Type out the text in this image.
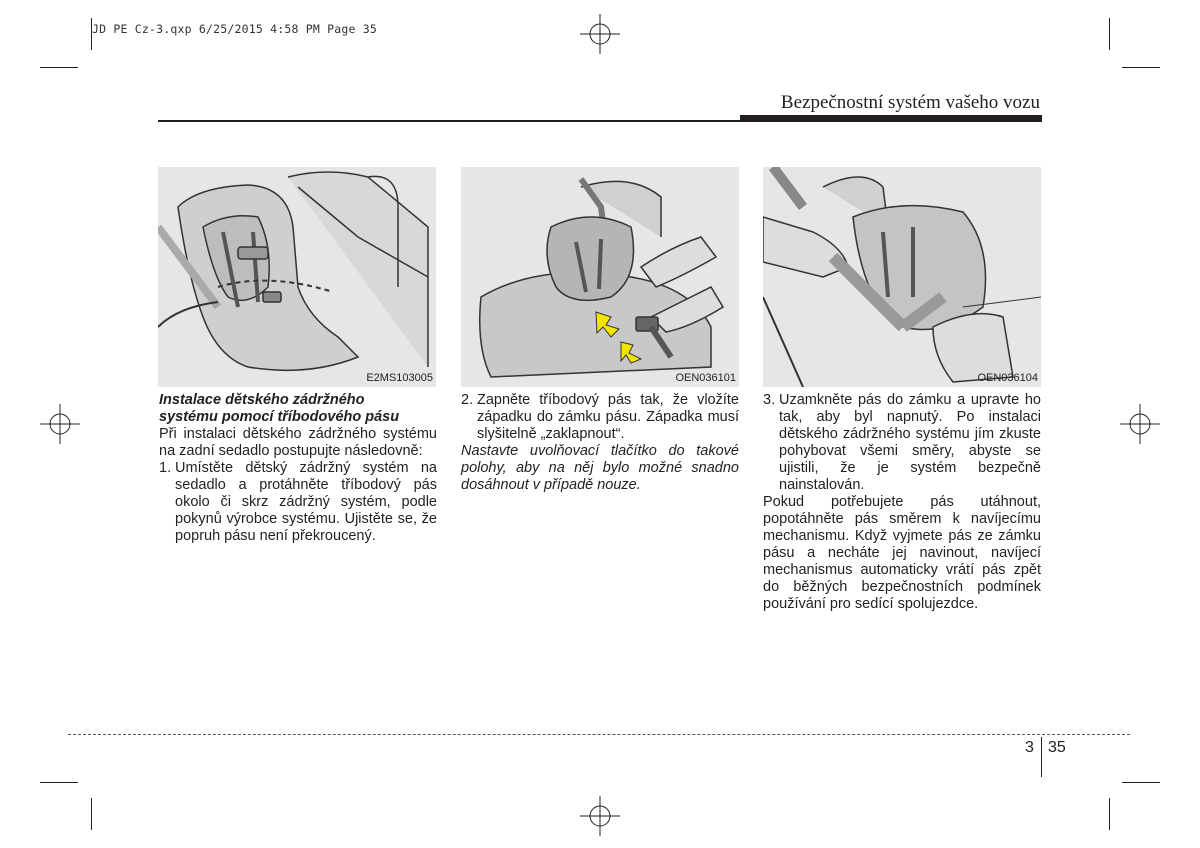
JD PE Cz-3.qxp 6/25/2015 4:58 PM Page 35
Bezpečnostní systém vašeho vozu
E2MS103005	OEN036101	OEN036104

Instalace dětského zádržného
systému pomocí tříbodového pásu

Při instalaci dětského zádržného systému na zadní sedadlo postupujte následovně:

1. Umístěte dětský zádržný systém na sedadlo a protáhněte tříbodový pás okolo či skrz zádržný systém, podle pokynů výrobce systému. Ujistěte se, že popruh pásu není překroucený.
2. Zapněte tříbodový pás tak, že vložíte západku do zámku pásu. Západka musí slyšitelně „zaklapnout“.

Nastavte uvolňovací tlačítko do takové polohy, aby na něj bylo možné snadno dosáhnout v případě nouze.

3. Uzamkněte pás do zámku a upravte ho tak, aby byl napnutý. Po instalaci dětského zádržného systému jím zkuste pohybovat všemi směry, abyste se ujistili, že je systém bezpečně nainstalován.

Pokud potřebujete pás utáhnout, popotáhněte pás směrem k navíjecímu mechanismu. Když vyjmete pás ze zámku pásu a necháte jej navinout, navíjecí mechanismus automaticky vrátí pás zpět do běžných bezpečnostních podmínek používání pro sedící spolujezdce.

3 35
